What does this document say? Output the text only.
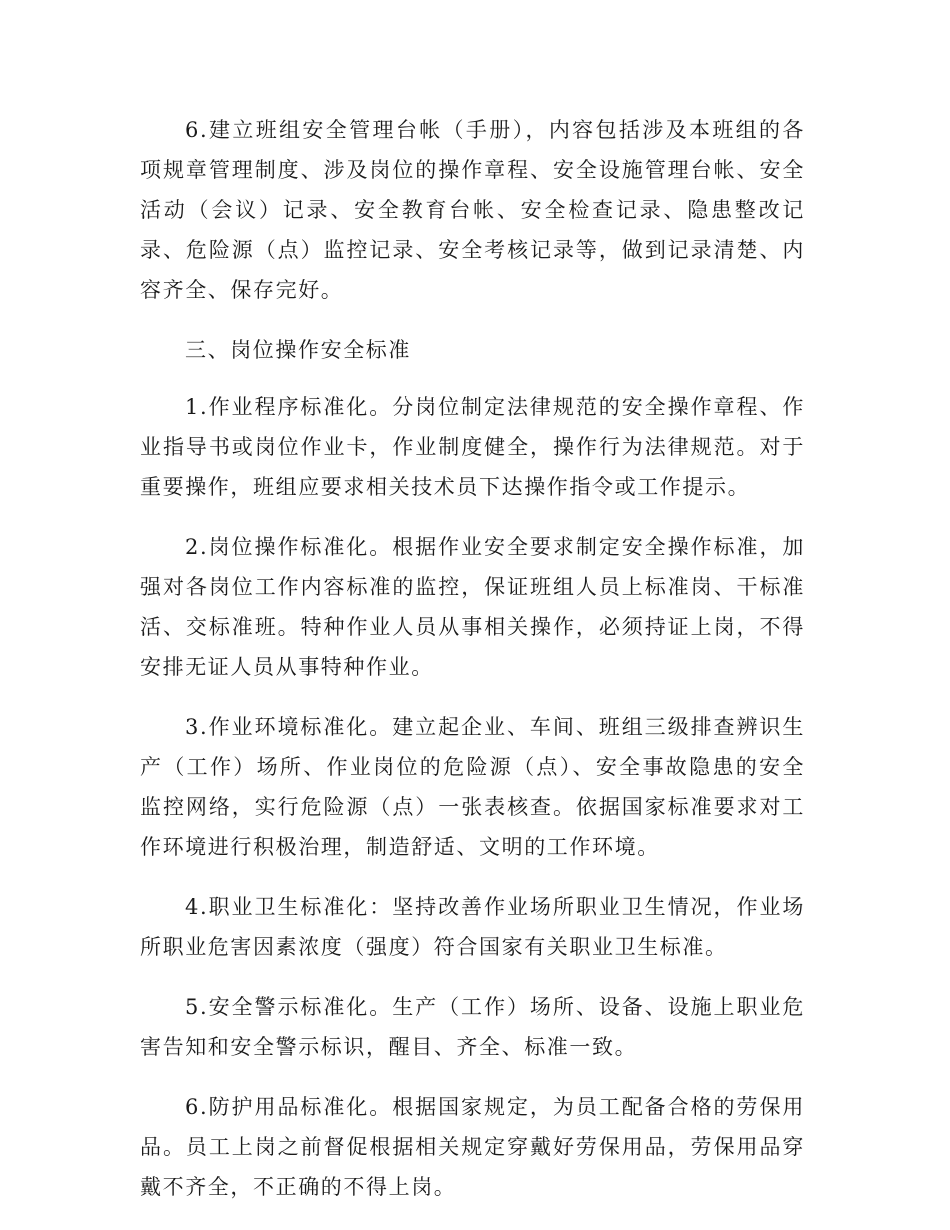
6.建立班组安全管理台帐（手册），内容包括涉及本班组的各项规章管理制度、涉及岗位的操作章程、安全设施管理台帐、安全活动（会议）记录、安全教育台帐、安全检查记录、隐患整改记录、危险源（点）监控记录、安全考核记录等，做到记录清楚、内容齐全、保存完好。

三、岗位操作安全标准

1.作业程序标准化。分岗位制定法律规范的安全操作章程、作业指导书或岗位作业卡，作业制度健全，操作行为法律规范。对于重要操作，班组应要求相关技术员下达操作指令或工作提示。

2.岗位操作标准化。根据作业安全要求制定安全操作标准，加强对各岗位工作内容标准的监控，保证班组人员上标准岗、干标准活、交标准班。特种作业人员从事相关操作，必须持证上岗，不得安排无证人员从事特种作业。

3.作业环境标准化。建立起企业、车间、班组三级排查辨识生产（工作）场所、作业岗位的危险源（点）、安全事故隐患的安全监控网络，实行危险源（点）一张表核查。依据国家标准要求对工作环境进行积极治理，制造舒适、文明的工作环境。

4.职业卫生标准化：坚持改善作业场所职业卫生情况，作业场所职业危害因素浓度（强度）符合国家有关职业卫生标准。

5.安全警示标准化。生产（工作）场所、设备、设施上职业危害告知和安全警示标识，醒目、齐全、标准一致。

6.防护用品标准化。根据国家规定，为员工配备合格的劳保用品。员工上岗之前督促根据相关规定穿戴好劳保用品，劳保用品穿戴不齐全，不正确的不得上岗。
